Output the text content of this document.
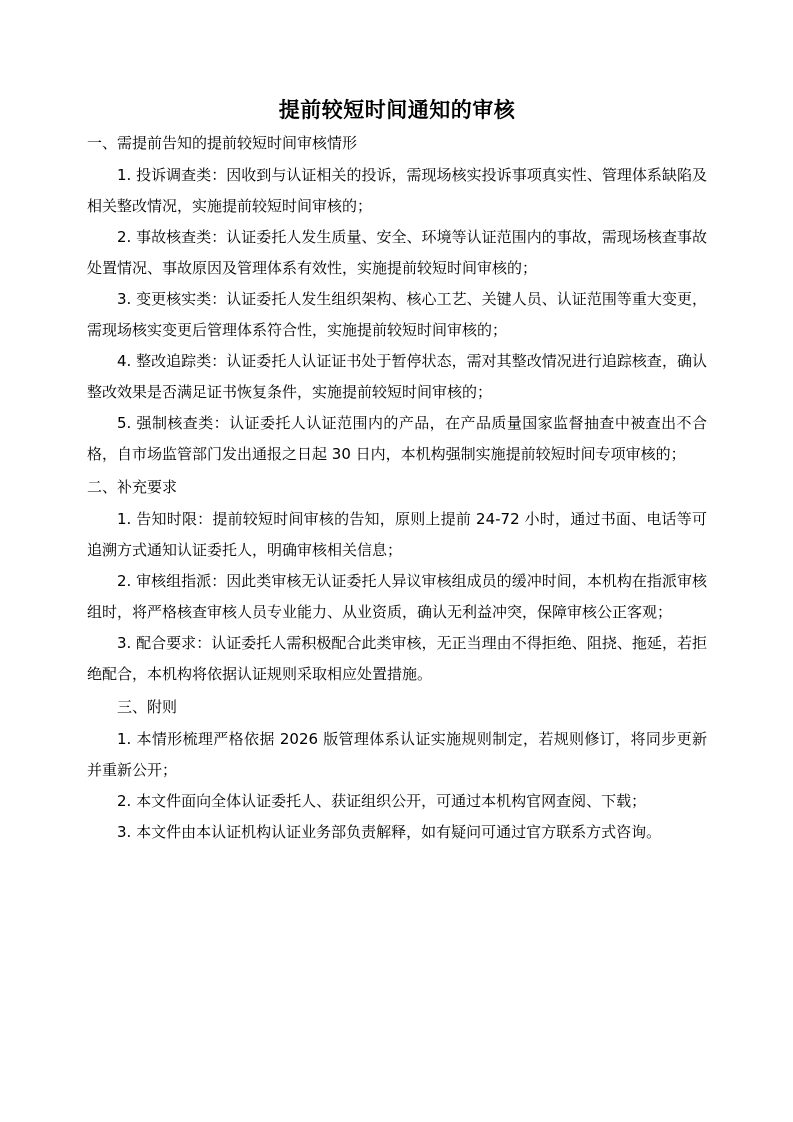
提前较短时间通知的审核
一、需提前告知的提前较短时间审核情形

1. 投诉调查类：因收到与认证相关的投诉，需现场核实投诉事项真实性、管理体系缺陷及相关整改情况，实施提前较短时间审核的；

2. 事故核查类：认证委托人发生质量、安全、环境等认证范围内的事故，需现场核查事故处置情况、事故原因及管理体系有效性，实施提前较短时间审核的；

3. 变更核实类：认证委托人发生组织架构、核心工艺、关键人员、认证范围等重大变更，需现场核实变更后管理体系符合性，实施提前较短时间审核的；

4. 整改追踪类：认证委托人认证证书处于暂停状态，需对其整改情况进行追踪核查，确认整改效果是否满足证书恢复条件，实施提前较短时间审核的；

5. 强制核查类：认证委托人认证范围内的产品，在产品质量国家监督抽查中被查出不合格，自市场监管部门发出通报之日起 30 日内，本机构强制实施提前较短时间专项审核的；

二、补充要求

1. 告知时限：提前较短时间审核的告知，原则上提前 24-72 小时，通过书面、电话等可追溯方式通知认证委托人，明确审核相关信息；

2. 审核组指派：因此类审核无认证委托人异议审核组成员的缓冲时间，本机构在指派审核组时，将严格核查审核人员专业能力、从业资质，确认无利益冲突，保障审核公正客观；

3. 配合要求：认证委托人需积极配合此类审核，无正当理由不得拒绝、阻挠、拖延，若拒绝配合，本机构将依据认证规则采取相应处置措施。

三、附则

1. 本情形梳理严格依据 2026 版管理体系认证实施规则制定，若规则修订，将同步更新并重新公开；

2. 本文件面向全体认证委托人、获证组织公开，可通过本机构官网查阅、下载；

3. 本文件由本认证机构认证业务部负责解释，如有疑问可通过官方联系方式咨询。
